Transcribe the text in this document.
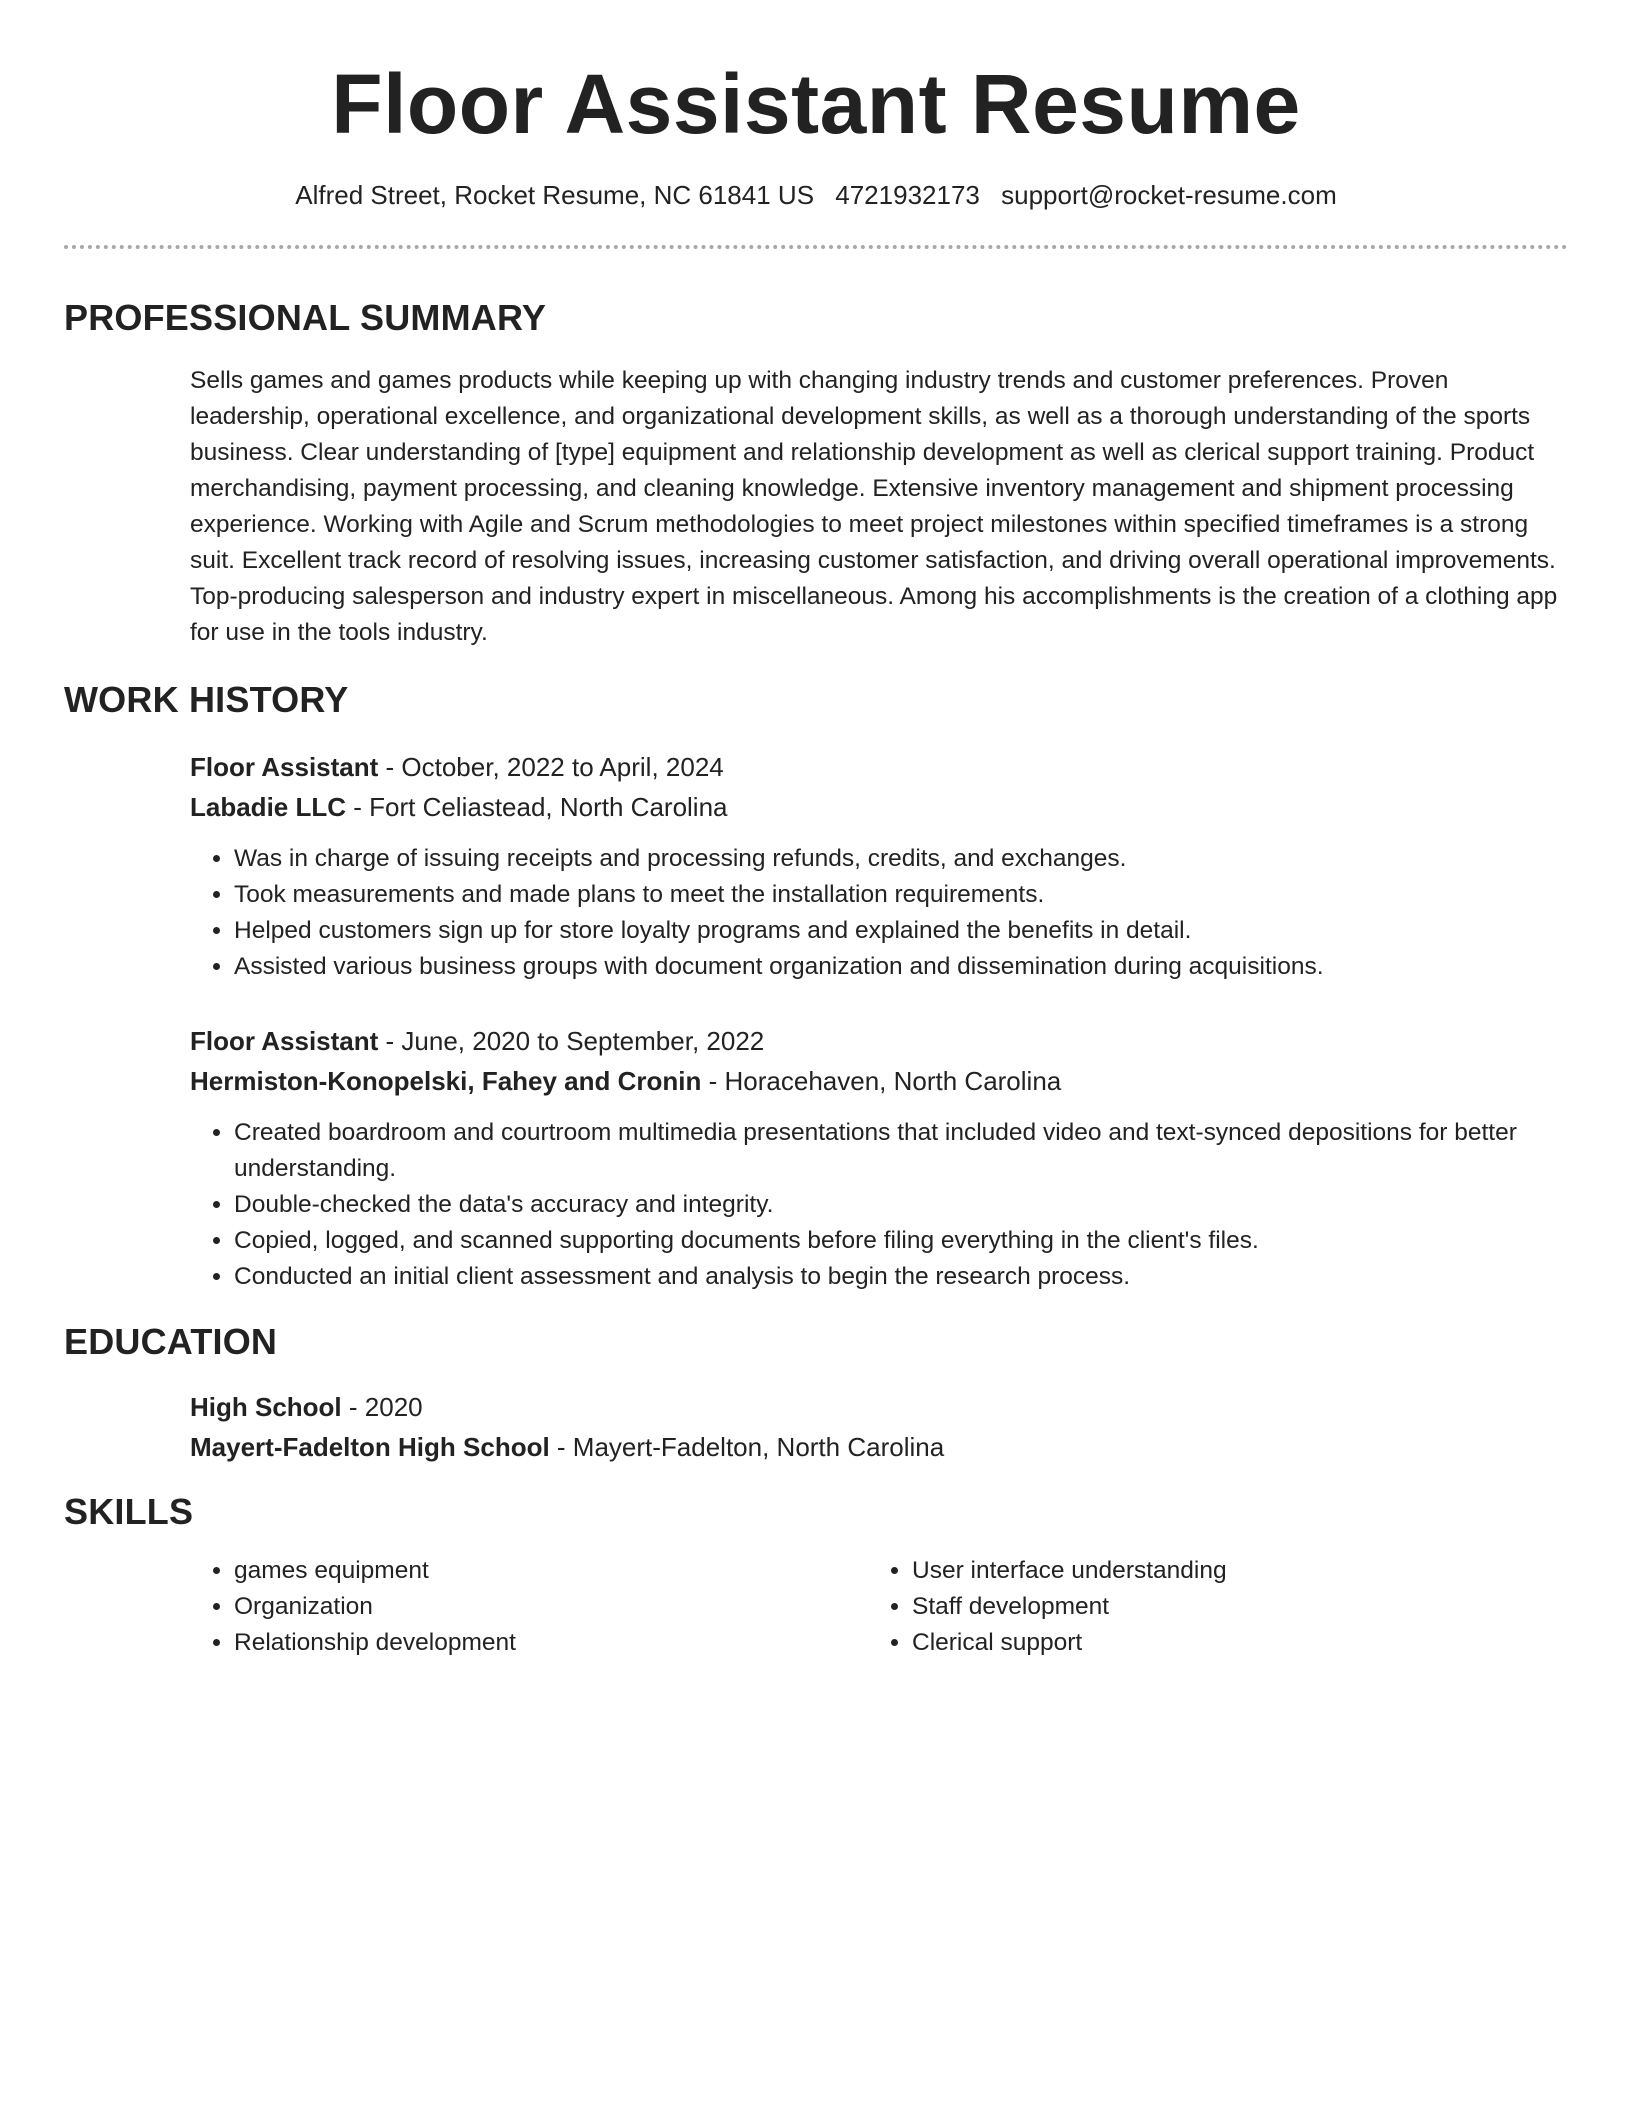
Floor Assistant Resume
Alfred Street, Rocket Resume, NC 61841 US 4721932173 support@rocket-resume.com
PROFESSIONAL SUMMARY
Sells games and games products while keeping up with changing industry trends and customer preferences. Proven leadership, operational excellence, and organizational development skills, as well as a thorough understanding of the sports business. Clear understanding of [type] equipment and relationship development as well as clerical support training. Product merchandising, payment processing, and cleaning knowledge. Extensive inventory management and shipment processing experience. Working with Agile and Scrum methodologies to meet project milestones within specified timeframes is a strong suit. Excellent track record of resolving issues, increasing customer satisfaction, and driving overall operational improvements. Top-producing salesperson and industry expert in miscellaneous. Among his accomplishments is the creation of a clothing app for use in the tools industry.
WORK HISTORY
Floor Assistant - October, 2022 to April, 2024
Labadie LLC - Fort Celiastead, North Carolina
• Was in charge of issuing receipts and processing refunds, credits, and exchanges.
• Took measurements and made plans to meet the installation requirements.
• Helped customers sign up for store loyalty programs and explained the benefits in detail.
• Assisted various business groups with document organization and dissemination during acquisitions.
Floor Assistant - June, 2020 to September, 2022
Hermiston-Konopelski, Fahey and Cronin - Horacehaven, North Carolina
• Created boardroom and courtroom multimedia presentations that included video and text-synced depositions for better understanding.
• Double-checked the data's accuracy and integrity.
• Copied, logged, and scanned supporting documents before filing everything in the client's files.
• Conducted an initial client assessment and analysis to begin the research process.
EDUCATION
High School - 2020
Mayert-Fadelton High School - Mayert-Fadelton, North Carolina
SKILLS
• games equipment
• Organization
• Relationship development
• User interface understanding
• Staff development
• Clerical support
